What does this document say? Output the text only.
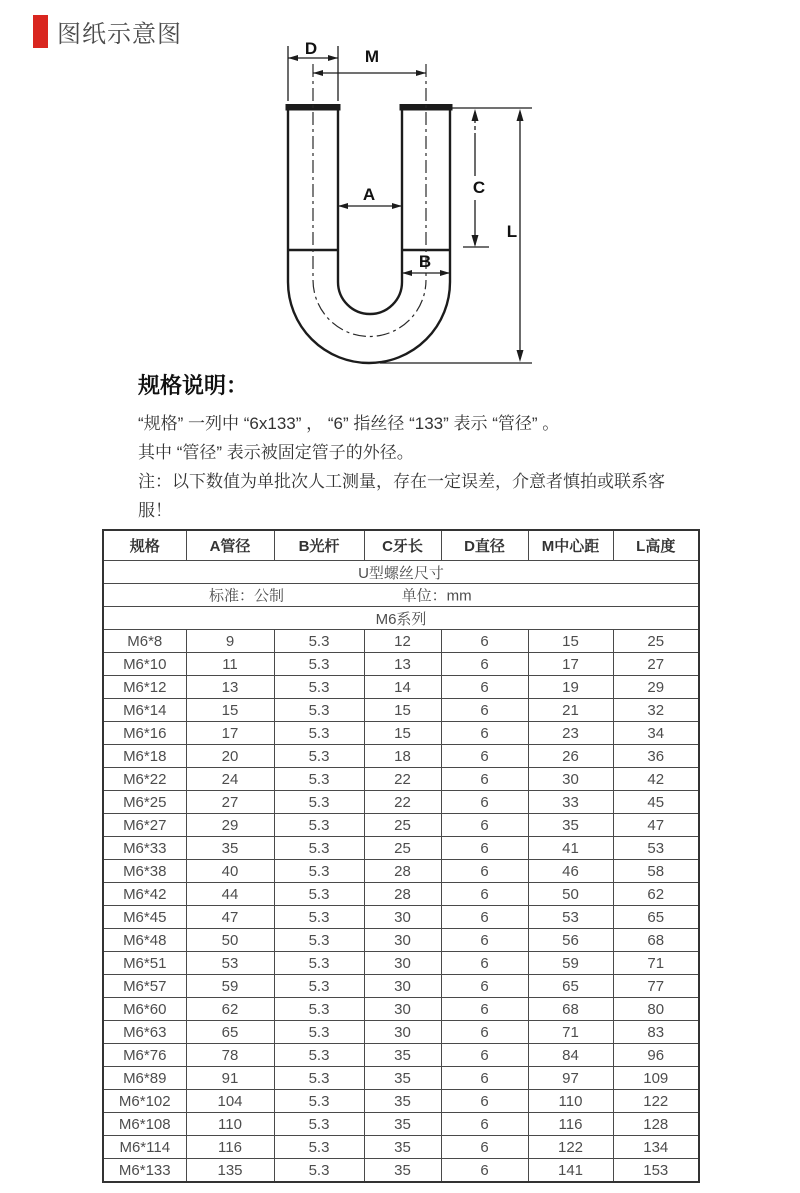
图纸示意图
D	M
A	C
B
L
规格说明：

“规格” 一列中 “6x133” ， “6” 指丝径 “133” 表示 “管径” 。

其中 “管径” 表示被固定管子的外径。

注：以下数值为单批次人工测量，存在一定误差，介意者慎拍或联系客服！

U型螺丝尺寸						

标准：公制 单位：mm						

M6系列						
规格	A管径	B光杆	C牙长	D直径	M中心距	L高度
M6*8	9	5.3	12	6	15	25
M6*10	11	5.3	13	6	17	27
M6*12	13	5.3	14	6	19	29
M6*14	15	5.3	15	6	21	32
M6*16	17	5.3	15	6	23	34
M6*18	20	5.3	18	6	26	36
M6*22	24	5.3	22	6	30	42
M6*25	27	5.3	22	6	33	45
M6*27	29	5.3	25	6	35	47
M6*33	35	5.3	25	6	41	53
M6*38	40	5.3	28	6	46	58
M6*42	44	5.3	28	6	50	62
M6*45	47	5.3	30	6	53	65
M6*48	50	5.3	30	6	56	68
M6*51	53	5.3	30	6	59	71
M6*57	59	5.3	30	6	65	77
M6*60	62	5.3	30	6	68	80
M6*63	65	5.3	30	6	71	83
M6*76	78	5.3	35	6	84	96
M6*89	91	5.3	35	6	97	109
M6*102	104	5.3	35	6	110	122
M6*108	110	5.3	35	6	116	128
M6*114	116	5.3	35	6	122	134
M6*133	135	5.3	35	6	141	153
